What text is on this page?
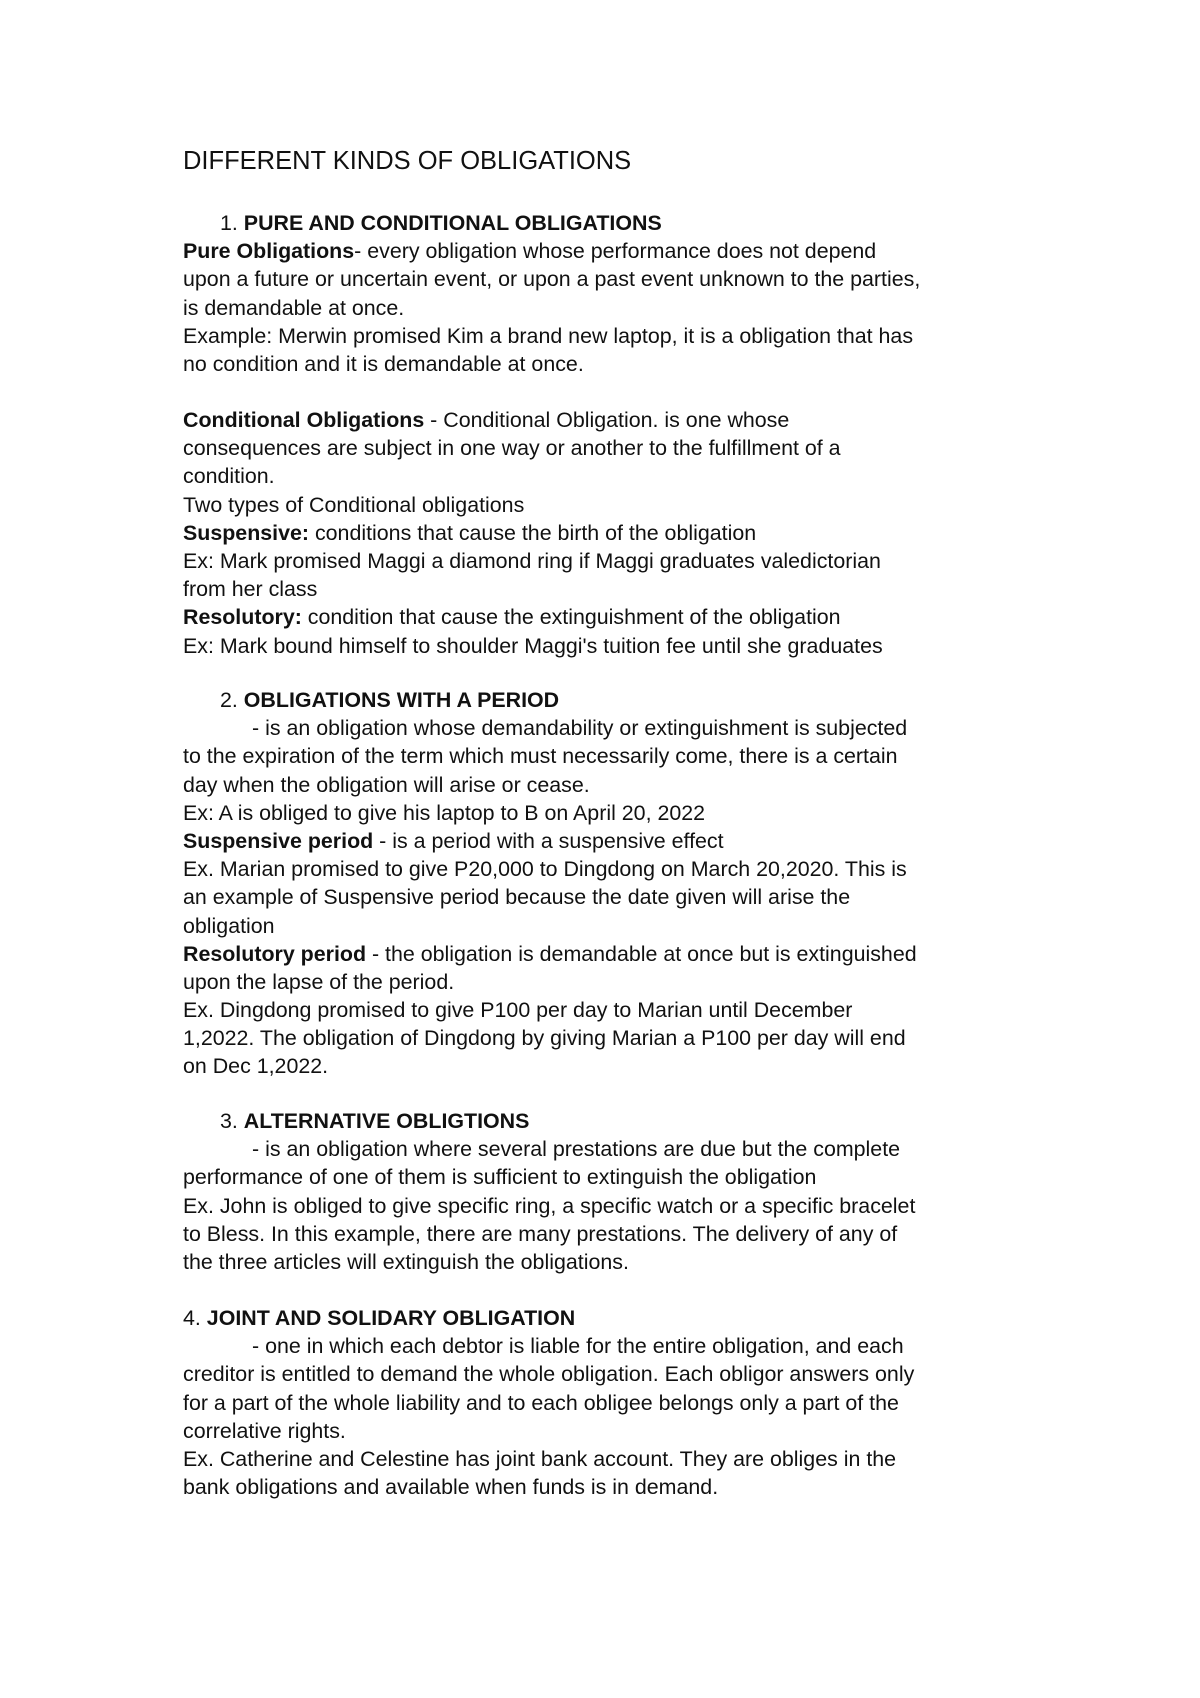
DIFFERENT KINDS OF OBLIGATIONS
1. PURE AND CONDITIONAL OBLIGATIONS
Pure Obligations- every obligation whose performance does not depend
upon a future or uncertain event, or upon a past event unknown to the parties,
is demandable at once.
Example: Merwin promised Kim a brand new laptop, it is a obligation that has
no condition and it is demandable at once.
Conditional Obligations - Conditional Obligation. is one whose
consequences are subject in one way or another to the fulfillment of a
condition.
Two types of Conditional obligations
Suspensive: conditions that cause the birth of the obligation
Ex: Mark promised Maggi a diamond ring if Maggi graduates valedictorian
from her class
Resolutory: condition that cause the extinguishment of the obligation
Ex: Mark bound himself to shoulder Maggi's tuition fee until she graduates
2. OBLIGATIONS WITH A PERIOD
- is an obligation whose demandability or extinguishment is subjected
to the expiration of the term which must necessarily come, there is a certain
day when the obligation will arise or cease.
Ex: A is obliged to give his laptop to B on April 20, 2022
Suspensive period - is a period with a suspensive effect
Ex. Marian promised to give P20,000 to Dingdong on March 20,2020. This is
an example of Suspensive period because the date given will arise the
obligation
Resolutory period - the obligation is demandable at once but is extinguished
upon the lapse of the period.
Ex. Dingdong promised to give P100 per day to Marian until December
1,2022. The obligation of Dingdong by giving Marian a P100 per day will end
on Dec 1,2022.
3. ALTERNATIVE OBLIGTIONS
- is an obligation where several prestations are due but the complete
performance of one of them is sufficient to extinguish the obligation
Ex. John is obliged to give specific ring, a specific watch or a specific bracelet
to Bless. In this example, there are many prestations. The delivery of any of
the three articles will extinguish the obligations.
4. JOINT AND SOLIDARY OBLIGATION
- one in which each debtor is liable for the entire obligation, and each
creditor is entitled to demand the whole obligation. Each obligor answers only
for a part of the whole liability and to each obligee belongs only a part of the
correlative rights.
Ex. Catherine and Celestine has joint bank account. They are obliges in the
bank obligations and available when funds is in demand.
